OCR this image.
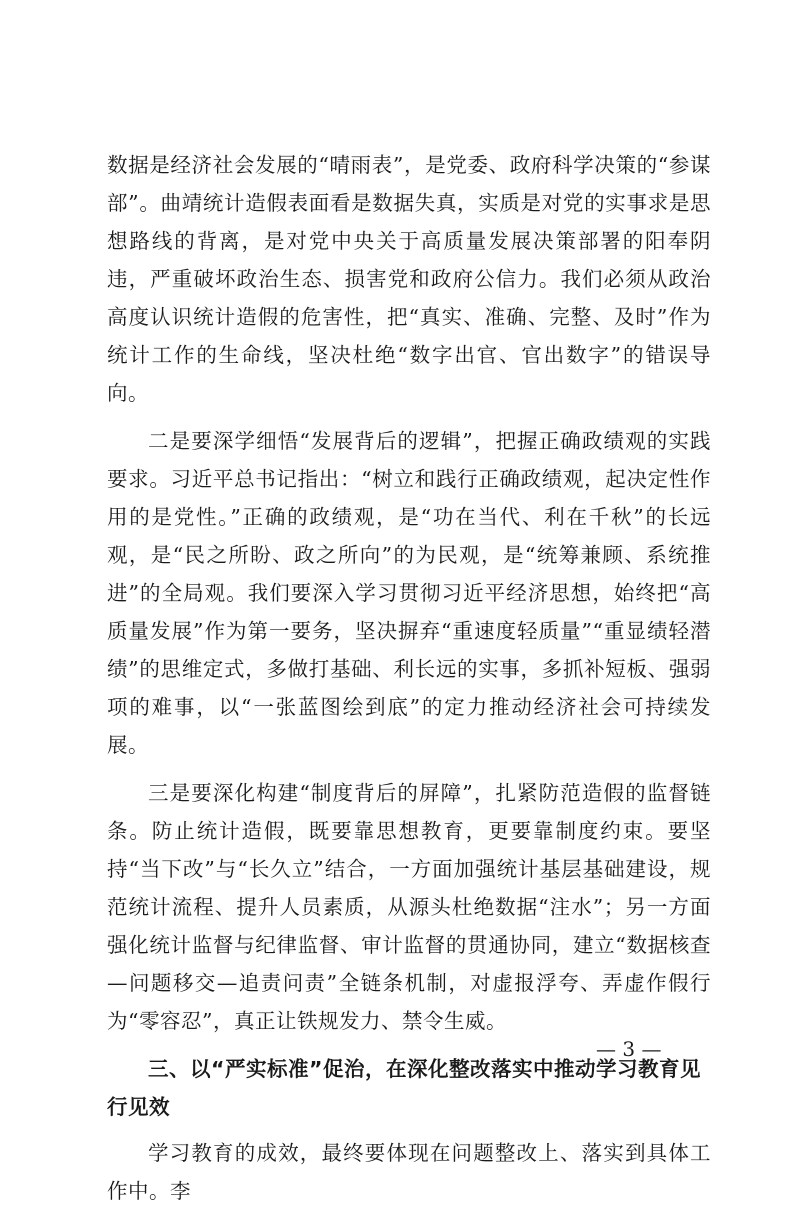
数据是经济社会发展的“晴雨表”，是党委、政府科学决策的“参谋部”。曲靖统计造假表面看是数据失真，实质是对党的实事求是思想路线的背离，是对党中央关于高质量发展决策部署的阳奉阴违，严重破坏政治生态、损害党和政府公信力。我们必须从政治高度认识统计造假的危害性，把“真实、准确、完整、及时”作为统计工作的生命线，坚决杜绝“数字出官、官出数字”的错误导向。

二是要深学细悟“发展背后的逻辑”，把握正确政绩观的实践要求。习近平总书记指出：“树立和践行正确政绩观，起决定性作用的是党性。”正确的政绩观，是“功在当代、利在千秋”的长远观，是“民之所盼、政之所向”的为民观，是“统筹兼顾、系统推进”的全局观。我们要深入学习贯彻习近平经济思想，始终把“高质量发展”作为第一要务，坚决摒弃“重速度轻质量”“重显绩轻潜绩”的思维定式，多做打基础、利长远的实事，多抓补短板、强弱项的难事，以“一张蓝图绘到底”的定力推动经济社会可持续发展。

三是要深化构建“制度背后的屏障”，扎紧防范造假的监督链条。防止统计造假，既要靠思想教育，更要靠制度约束。要坚持“当下改”与“长久立”结合，一方面加强统计基层基础建设，规范统计流程、提升人员素质，从源头杜绝数据“注水”；另一方面强化统计监督与纪律监督、审计监督的贯通协同，建立“数据核查—问题移交—追责问责”全链条机制，对虚报浮夸、弄虚作假行为“零容忍”，真正让铁规发力、禁令生威。

三、以“严实标准”促治，在深化整改落实中推动学习教育见行见效

学习教育的成效，最终要体现在问题整改上、落实到具体工作中。李

— 3 —
